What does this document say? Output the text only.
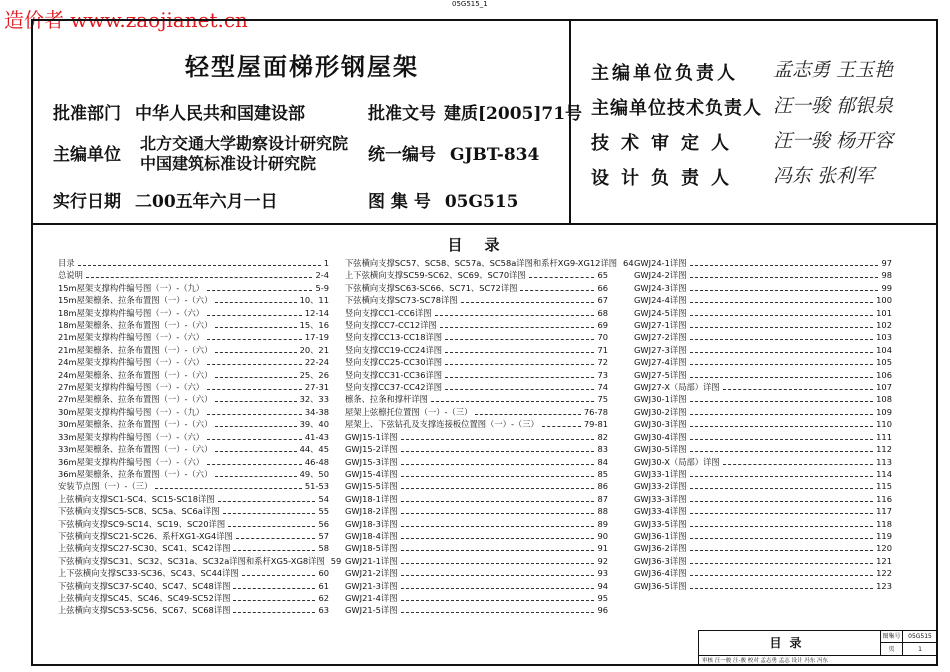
05G515_1
造价者 www.zaojianet.cn
轻型屋面梯形钢屋架
批准部门 中华人民共和国建设部	批准文号 建质[2005]71号
主编单位
北方交通大学勘察设计研究院
中国建筑标准设计研究院	统一编号 GJBT-834
实行日期 二00五年六月一日	图 集 号 05G515
主编单位负责人 孟志勇 王玉艳
主编单位技术负责人 汪一骏 郁银泉
技术审定人 汪一骏 杨开容
设计负责人 冯东 张利军
目录
目录	1
总说明	2-4
15m屋架支撑构件编号图（一）-（九）	5-9
15m屋架檩条、拉条布置图（一）-（六）	10、11
18m屋架支撑构件编号图（一）-（六）	12-14
18m屋架檩条、拉条布置图（一）-（六）	15、16
21m屋架支撑构件编号图（一）-（六）	17-19
21m屋架檩条、拉条布置图（一）-（六）	20、21
24m屋架支撑构件编号图（一）-（六）	22-24
24m屋架檩条、拉条布置图（一）-（六）	25、26
27m屋架支撑构件编号图（一）-（六）	27-31
27m屋架檩条、拉条布置图（一）-（六）	32、33
30m屋架支撑构件编号图（一）-（九）	34-38
30m屋架檩条、拉条布置图（一）-（六）	39、40
33m屋架支撑构件编号图（一）-（六）	41-43
33m屋架檩条、拉条布置图（一）-（六）	44、45
36m屋架支撑构件编号图（一）-（六）	46-48
36m屋架檩条、拉条布置图（一）-（六）	49、50
安装节点图（一）-（三）	51-53
上弦横向支撑SC1-SC4、SC15-SC18详图	54
下弦横向支撑SC5-SC8、SC5a、SC6a详图	55
下弦横向支撑SC9-SC14、SC19、SC20详图	56
下弦横向支撑SC21-SC26、系杆XG1-XG4详图	57
上弦横向支撑SC27-SC30、SC41、SC42详图	58
下弦横向支撑SC31、SC32、SC31a、SC32a详图和系杆XG5-XG8详图 59
上下弦横向支撑SC33-SC36、SC43、SC44详图	60
下弦横向支撑SC37-SC40、SC47、SC48详图	61
上弦横向支撑SC45、SC46、SC49-SC52详图	62
上弦横向支撑SC53-SC56、SC67、SC68详图	63
下弦横向支撑SC57、SC58、SC57a、SC58a详图和系杆XG9-XG12详图 64
上下弦横向支撑SC59-SC62、SC69、SC70详图	65
下弦横向支撑SC63-SC66、SC71、SC72详图	66
下弦横向支撑SC73-SC78详图	67
竖向支撑CC1-CC6详图	68
竖向支撑CC7-CC12详图	69
竖向支撑CC13-CC18详图	70
竖向支撑CC19-CC24详图	71
竖向支撑CC25-CC30详图	72
竖向支撑CC31-CC36详图	73
竖向支撑CC37-CC42详图	74
檩条、拉条和撑杆详图	75
屋架上弦檩托位置图（一）-（三）	76-78
屋架上、下弦钻孔及支撑连接板位置图（一）-（三）	79-81
GWJ15-1详图	82
GWJ15-2详图	83
GWJ15-3详图	84
GWJ15-4详图	85
GWJ15-5详图	86
GWJ18-1详图	87
GWJ18-2详图	88
GWJ18-3详图	89
GWJ18-4详图	90
GWJ18-5详图	91
GWJ21-1详图	92
GWJ21-2详图	93
GWJ21-3详图	94
GWJ21-4详图	95
GWJ21-5详图	96
GWJ24-1详图	97
GWJ24-2详图	98
GWJ24-3详图	99
GWJ24-4详图	100
GWJ24-5详图	101
GWJ27-1详图	102
GWJ27-2详图	103
GWJ27-3详图	104
GWJ27-4详图	105
GWJ27-5详图	106
GWJ27-X（局部）详图	107
GWJ30-1详图	108
GWJ30-2详图	109
GWJ30-3详图	110
GWJ30-4详图	111
GWJ30-5详图	112
GWJ30-X（局部）详图	113
GWJ33-1详图	114
GWJ33-2详图	115
GWJ33-3详图	116
GWJ33-4详图	117
GWJ33-5详图	118
GWJ36-1详图	119
GWJ36-2详图	120
GWJ36-3详图	121
GWJ36-4详图	122
GWJ36-5详图	123
目录	图集号	05G515
页	1
审核 汪一骏 汪-骏 校对 孟志勇 孟志 设计 冯东 冯东
